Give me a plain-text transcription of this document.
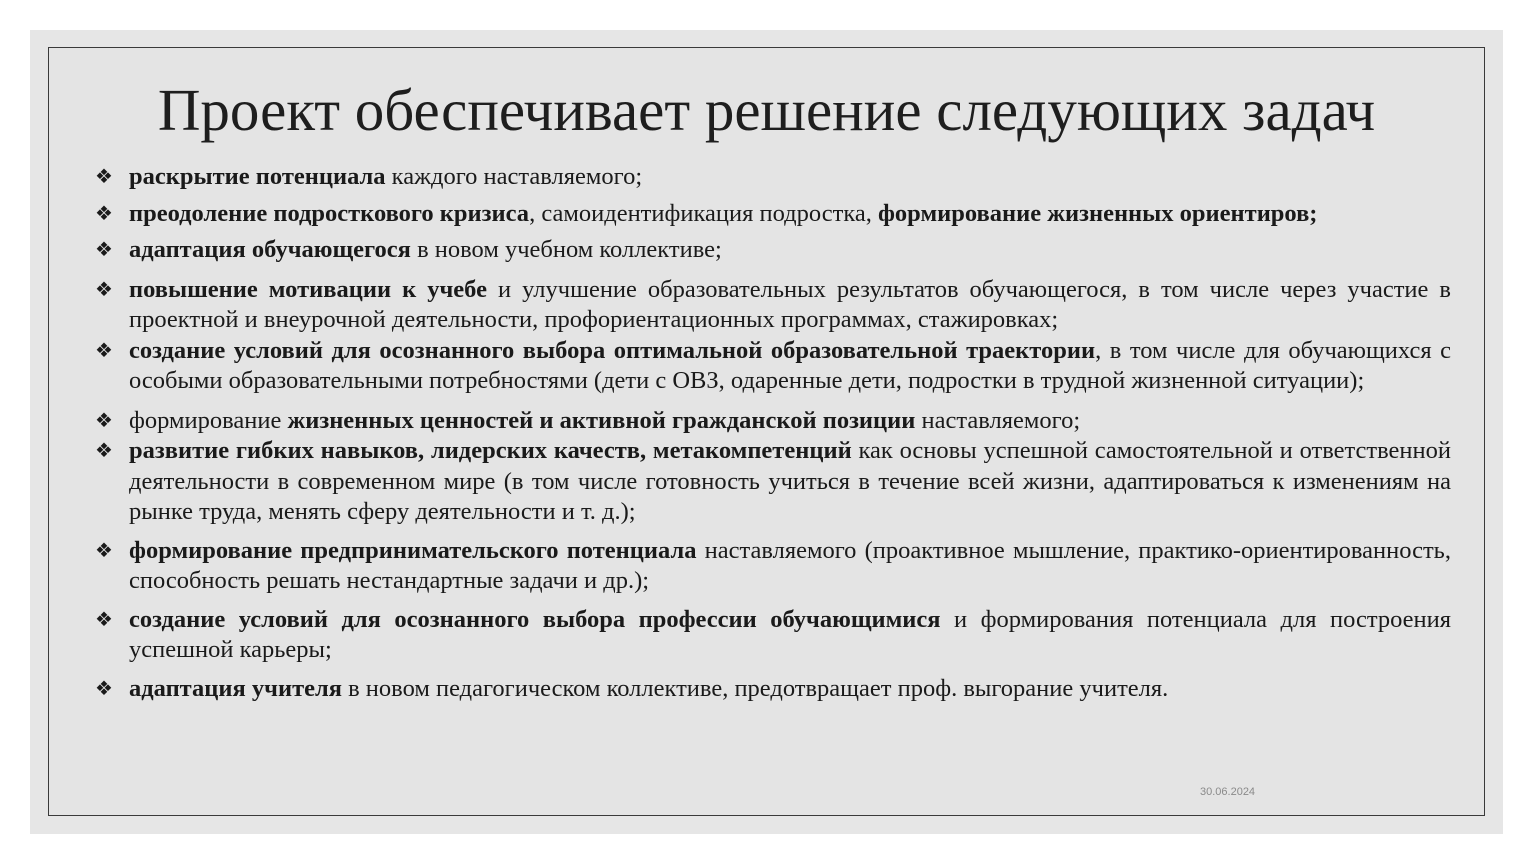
Проект обеспечивает решение следующих задач
❖ раскрытие потенциала каждого наставляемого;
❖ преодоление подросткового кризиса, самоидентификация подростка, формирование жизненных ориентиров;
❖ адаптация обучающегося в новом учебном коллективе;
❖ повышение мотивации к учебе и улучшение образовательных результатов обучающегося, в том числе через участие в проектной и внеурочной деятельности, профориентационных программах, стажировках;
❖ создание условий для осознанного выбора оптимальной образовательной траектории, в том числе для обучающихся с особыми образовательными потребностями (дети с ОВЗ, одаренные дети, подростки в трудной жизненной ситуации);
❖ формирование жизненных ценностей и активной гражданской позиции наставляемого;
❖ развитие гибких навыков, лидерских качеств, метакомпетенций как основы успешной самостоятельной и ответственной деятельности в современном мире (в том числе готовность учиться в течение всей жизни, адаптироваться к изменениям на рынке труда, менять сферу деятельности и т. д.);
❖ формирование предпринимательского потенциала наставляемого (проактивное мышление, практико-ориентированность, способность решать нестандартные задачи и др.);
❖ создание условий для осознанного выбора профессии обучающимися и формирования потенциала для построения успешной карьеры;
❖ адаптация учителя в новом педагогическом коллективе, предотвращает проф. выгорание учителя.
30.06.2024
